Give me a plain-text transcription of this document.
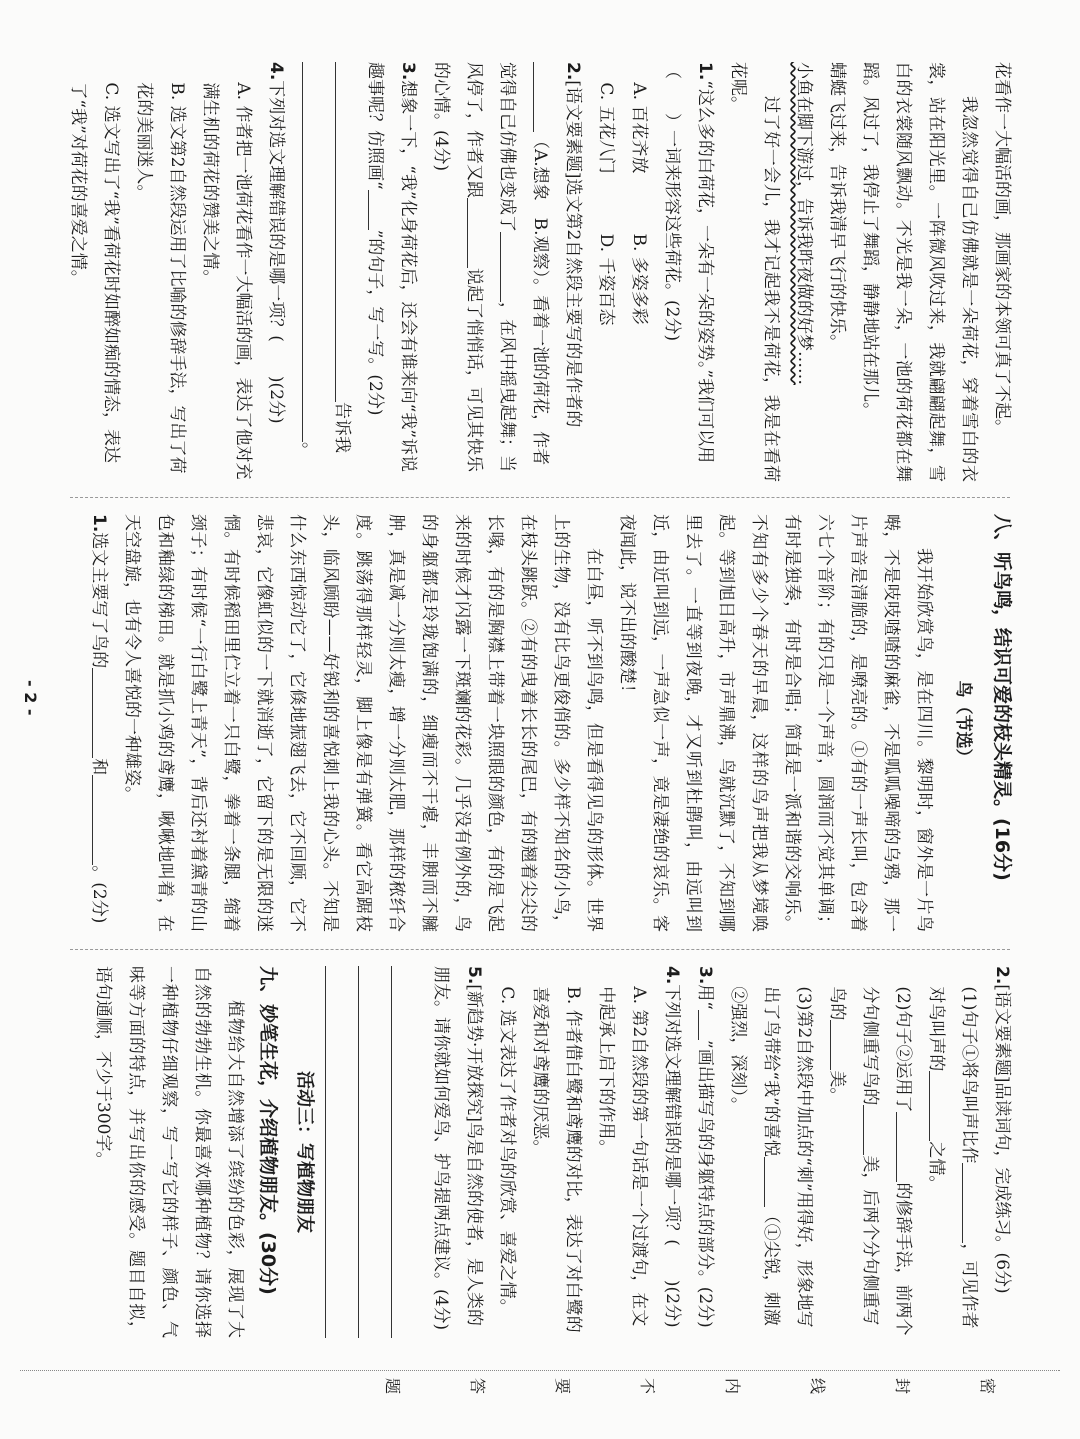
花看作一大幅活的画，那画家的本领可真了不起。

我忽然觉得自己仿佛就是一朵荷花，穿着雪白的衣裳，站在阳光里。一阵微风吹过来，我就翩翩起舞，雪白的衣裳随风飘动。不光是我一朵，一池的荷花都在舞蹈。风过了，我停止了舞蹈，静静地站在那儿。

蜻蜓飞过来，告诉我清早飞行的快乐。

小鱼在脚下游过，告诉我昨夜做的好梦……

过了好一会儿，我才记起我不是荷花，我是在看荷花呢。

1.“这么多的白荷花，一朵有一朵的姿势。”我们可以用（　　）一词来形容这些荷花。(2分)

A. 百花齐放
B. 多姿多彩
C. 五花八门
D. 千姿百态

2.[语文要素题]选文第2自然段主要写的是作者的（A.想象　B.观察）。看着一池的荷花，作者觉得自己仿佛也变成了，在风中摇曳起舞；当风停了，作者又跟说起了悄悄话，可见其快乐的心情。(4分)

3.想象一下，“我”化身荷花后，还会有谁来向“我”诉说趣事呢？仿照画“”的句子，写一写。(2分)

告诉我

。

4.下列对选文理解错误的是哪一项？(　　)(2分)

A. 作者把一池荷花看作一大幅活的画，表达了他对充满生机的荷花的赞美之情。

B. 选文第2自然段运用了比喻的修辞手法，写出了荷花的美丽迷人。

C. 选文写出了“我”看荷花时如醉如痴的情态，表达了“我”对荷花的喜爱之情。

八、听鸟鸣，结识可爱的枝头精灵。(16分)

鸟（节选）

我开始欣赏鸟，是在四川。黎明时，窗外是一片鸟啭，不是吱吱喳喳的麻雀，不是呱呱噪啼的乌鸦，那一片声音是清脆的，是嘹亮的。①有的一声长叫，包含着六七个音阶；有的只是一个声音，圆润而不觉其单调；有时是独奏，有时是合唱；简直是一派和谐的交响乐。不知有多少个春天的早晨，这样的鸟声把我从梦境唤起。等到旭日高升，市声鼎沸，鸟就沉默了，不知到哪里去了。一直等到夜晚，才又听到杜鹃叫，由远叫到近，由近叫到远，一声急似一声，竟是凄绝的哀乐。客夜闻此，说不出的酸楚！

在白昼，听不到鸟鸣，但是看得见鸟的形体。世界上的生物，没有比鸟更俊俏的。多少样不知名的小鸟，在枝头跳跃。②有的曳着长长的尾巴，有的翘着尖尖的长喙，有的是胸襟上带着一块照眼的颜色，有的是飞起来的时候才闪露一下斑斓的花彩。几乎没有例外的，鸟的身躯都是玲珑饱满的，细瘦而不干瘪，丰腴而不臃肿，真是减一分则太瘦，增一分则太肥，那样的秾纤合度。跳荡得那样轻灵，脚上像是有弹簧。看它高踞枝头，临风顾盼——好锐利的喜悦刺上我的心头。不知是什么东西惊动它了，它倏地振翅飞去，它不回顾，它不悲哀，它像虹似的一下就消逝了，它留下的是无限的迷惘。有时候稻田里伫立着一只白鹭，拳着一条腿，缩着颈子；有时候“一行白鹭上青天”，背后还衬着黛青的山色和釉绿的梯田。就是抓小鸡的鸢鹰，啾啾地叫着，在天空盘旋，也有令人喜悦的一种雄姿。

1.选文主要写了鸟的和。(2分)

2.[语文要素题]品读词句，完成练习。(6分)

(1)句子①将鸟叫声比作，可见作者对鸟叫声的之情。

(2)句子②运用了的修辞手法，前两个分句侧重写鸟的美，后两个分句侧重写鸟的美。

(3)第2自然段中加点的“刺”用得好，形象地写出了鸟带给“我”的喜悦（①尖锐，刺激　②强烈，深刻）。

3.用“”画出描写鸟的身躯特点的部分。(2分)

4.下列对选文理解错误的是哪一项？(　　)(2分)

A. 第2自然段的第一句话是一个过渡句，在文中起承上启下的作用。

B. 作者借白鹭和鸢鹰的对比，表达了对白鹭的喜爱和对鸢鹰的厌恶。

C. 选文表达了作者对鸟的欣赏、喜爱之情。

5.[新趋势·开放探究]鸟是自然的使者，是人类的朋友。请你就如何爱鸟、护鸟提两点建议。(4分)

活动三：写植物朋友

九、妙笔生花，介绍植物朋友。(30分)

植物给大自然增添了缤纷的色彩，展现了大自然的勃勃生机。你最喜欢哪种植物？请你选择一种植物仔细观察，写一写它的样子、颜色、气味等方面的特点，并写出你的感受。题目自拟，语句通顺，不少于300字。

密
封
线
内
不
要
答
题
- 2 -
